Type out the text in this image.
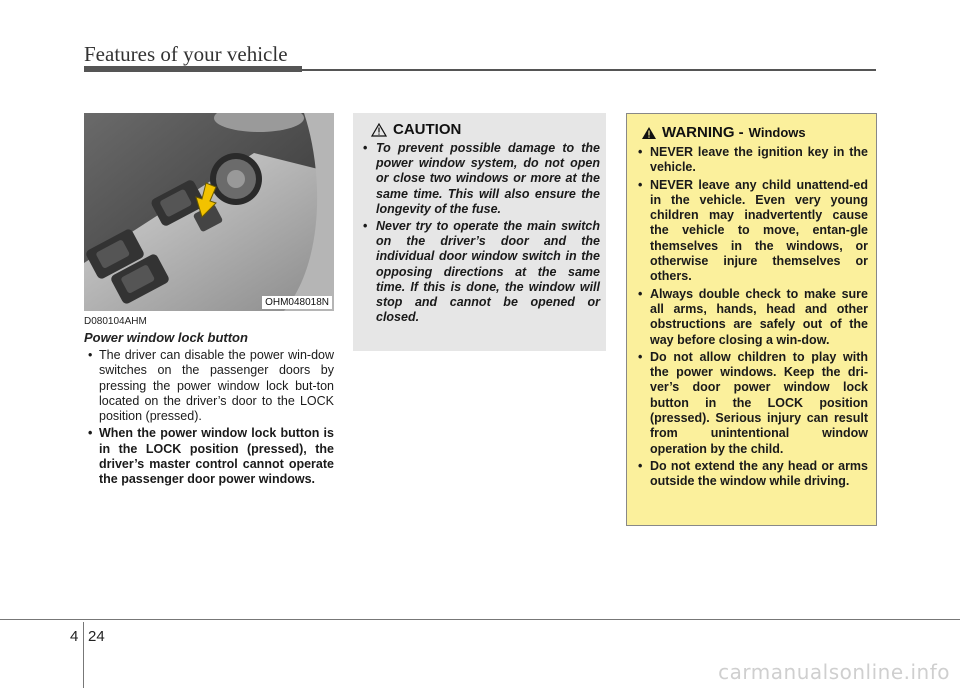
Features of your vehicle
OHM048018N
D080104AHM
Power window lock button
• The driver can disable the power win-dow switches on the passenger doors by pressing the power window lock but-ton located on the driver’s door to the LOCK position (pressed).
• When the power window lock button is in the LOCK position (pressed), the driver’s master control cannot operate the passenger door power windows.
CAUTION
• To prevent possible damage to the power window system, do not open or close two windows or more at the same time. This will also ensure the longevity of the fuse.
• Never try to operate the main switch on the driver’s door and the individual door window switch in the opposing directions at the same time. If this is done, the window will stop and cannot be opened or closed.
WARNING - Windows
• NEVER leave the ignition key in the vehicle.
• NEVER leave any child unattend-ed in the vehicle. Even very young children may inadvertently cause the vehicle to move, entan-gle themselves in the windows, or otherwise injure themselves or others.
• Always double check to make sure all arms, hands, head and other obstructions are safely out of the way before closing a win-dow.
• Do not allow children to play with the power windows. Keep the dri-ver’s door power window lock button in the LOCK position (pressed). Serious injury can result from unintentional window operation by the child.
• Do not extend the any head or arms outside the window while driving.
4 24
carmanualsonline.info
